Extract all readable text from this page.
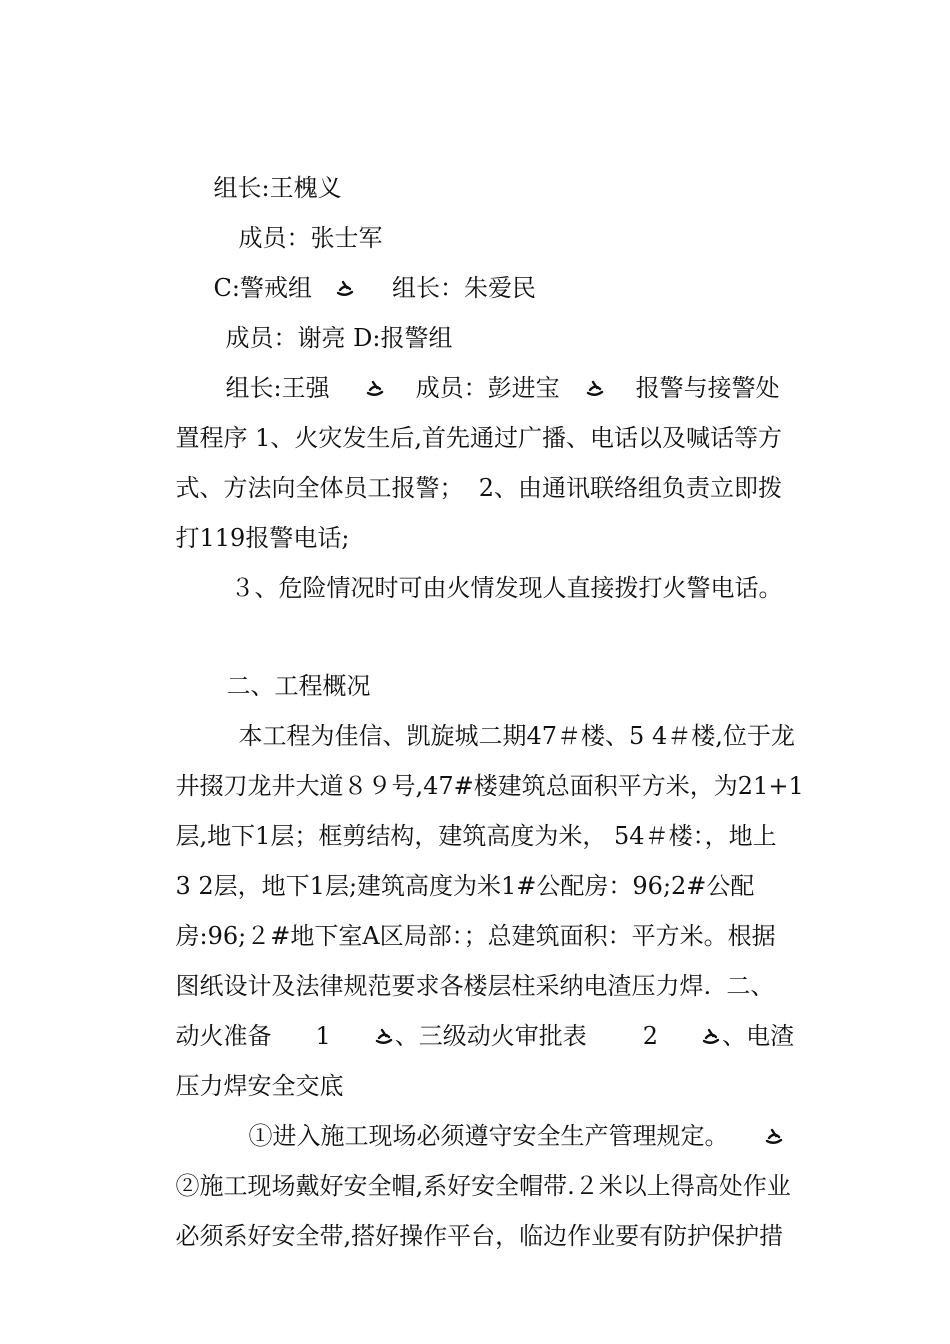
组长:王槐义

成员：张士军

C:警戒组	组长：朱爱民

成员：谢亮 D:报警组

组长:王强	成员：彭进宝	报警与接警处

置程序 1、火灾发生后,首先通过广播、电话以及喊话等方

式、方法向全体员工报警；  2、由通讯联络组负责立即拨

打119报警电话;

３、危险情况时可由火情发现人直接拨打火警电话。

二、工程概况

本工程为佳信、凯旋城二期47＃楼、5 4＃楼,位于龙

井掇刀龙井大道８９号,47#楼建筑总面积平方米，为21+1

层,地下1层；框剪结构，建筑高度为米， 54＃楼：，地上

3 2层，地下1层;建筑高度为米1#公配房：96;2#公配

房:96;２#地下室A区局部：；总建筑面积：平方米。根据

图纸设计及法律规范要求各楼层柱采纳电渣压力焊.  二、

动火准备 1	、三级动火审批表 2	、电渣

压力焊安全交底

①进入施工现场必须遵守安全生产管理规定。

②施工现场戴好安全帽,系好安全帽带.２米以上得高处作业

必须系好安全带,搭好操作平台，临边作业要有防护保护措
